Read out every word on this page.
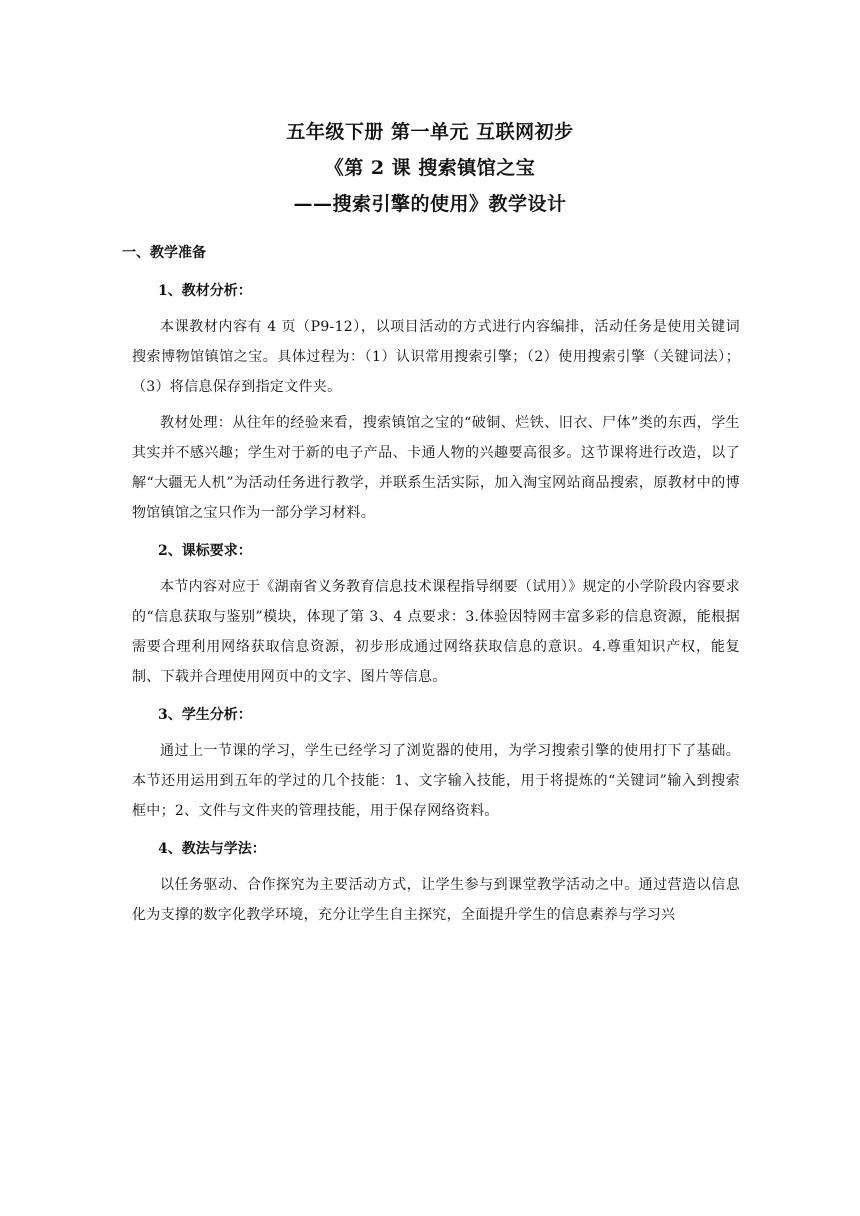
五年级下册 第一单元 互联网初步
《第 2 课 搜索镇馆之宝
——搜索引擎的使用》教学设计
一、教学准备
1、教材分析：

本课教材内容有 4 页（P9-12），以项目活动的方式进行内容编排，活动任务是使用关键词搜索博物馆镇馆之宝。具体过程为：（1）认识常用搜索引擎；（2）使用搜索引擎（关键词法）；（3）将信息保存到指定文件夹。

教材处理：从往年的经验来看，搜索镇馆之宝的“破铜、烂铁、旧衣、尸体”类的东西，学生其实并不感兴趣；学生对于新的电子产品、卡通人物的兴趣要高很多。这节课将进行改造，以了解“大疆无人机”为活动任务进行教学，并联系生活实际，加入淘宝网站商品搜索，原教材中的博物馆镇馆之宝只作为一部分学习材料。

2、课标要求：

本节内容对应于《湖南省义务教育信息技术课程指导纲要（试用）》规定的小学阶段内容要求的“信息获取与鉴别”模块，体现了第 3、4 点要求：3.体验因特网丰富多彩的信息资源，能根据需要合理利用网络获取信息资源，初步形成通过网络获取信息的意识。4.尊重知识产权，能复制、下载并合理使用网页中的文字、图片等信息。

3、学生分析：

通过上一节课的学习，学生已经学习了浏览器的使用，为学习搜索引擎的使用打下了基础。本节还用运用到五年的学过的几个技能：1、文字输入技能，用于将提炼的“关键词”输入到搜索框中；2、文件与文件夹的管理技能，用于保存网络资料。

4、教法与学法：

以任务驱动、合作探究为主要活动方式，让学生参与到课堂教学活动之中。通过营造以信息化为支撑的数字化教学环境，充分让学生自主探究，全面提升学生的信息素养与学习兴
